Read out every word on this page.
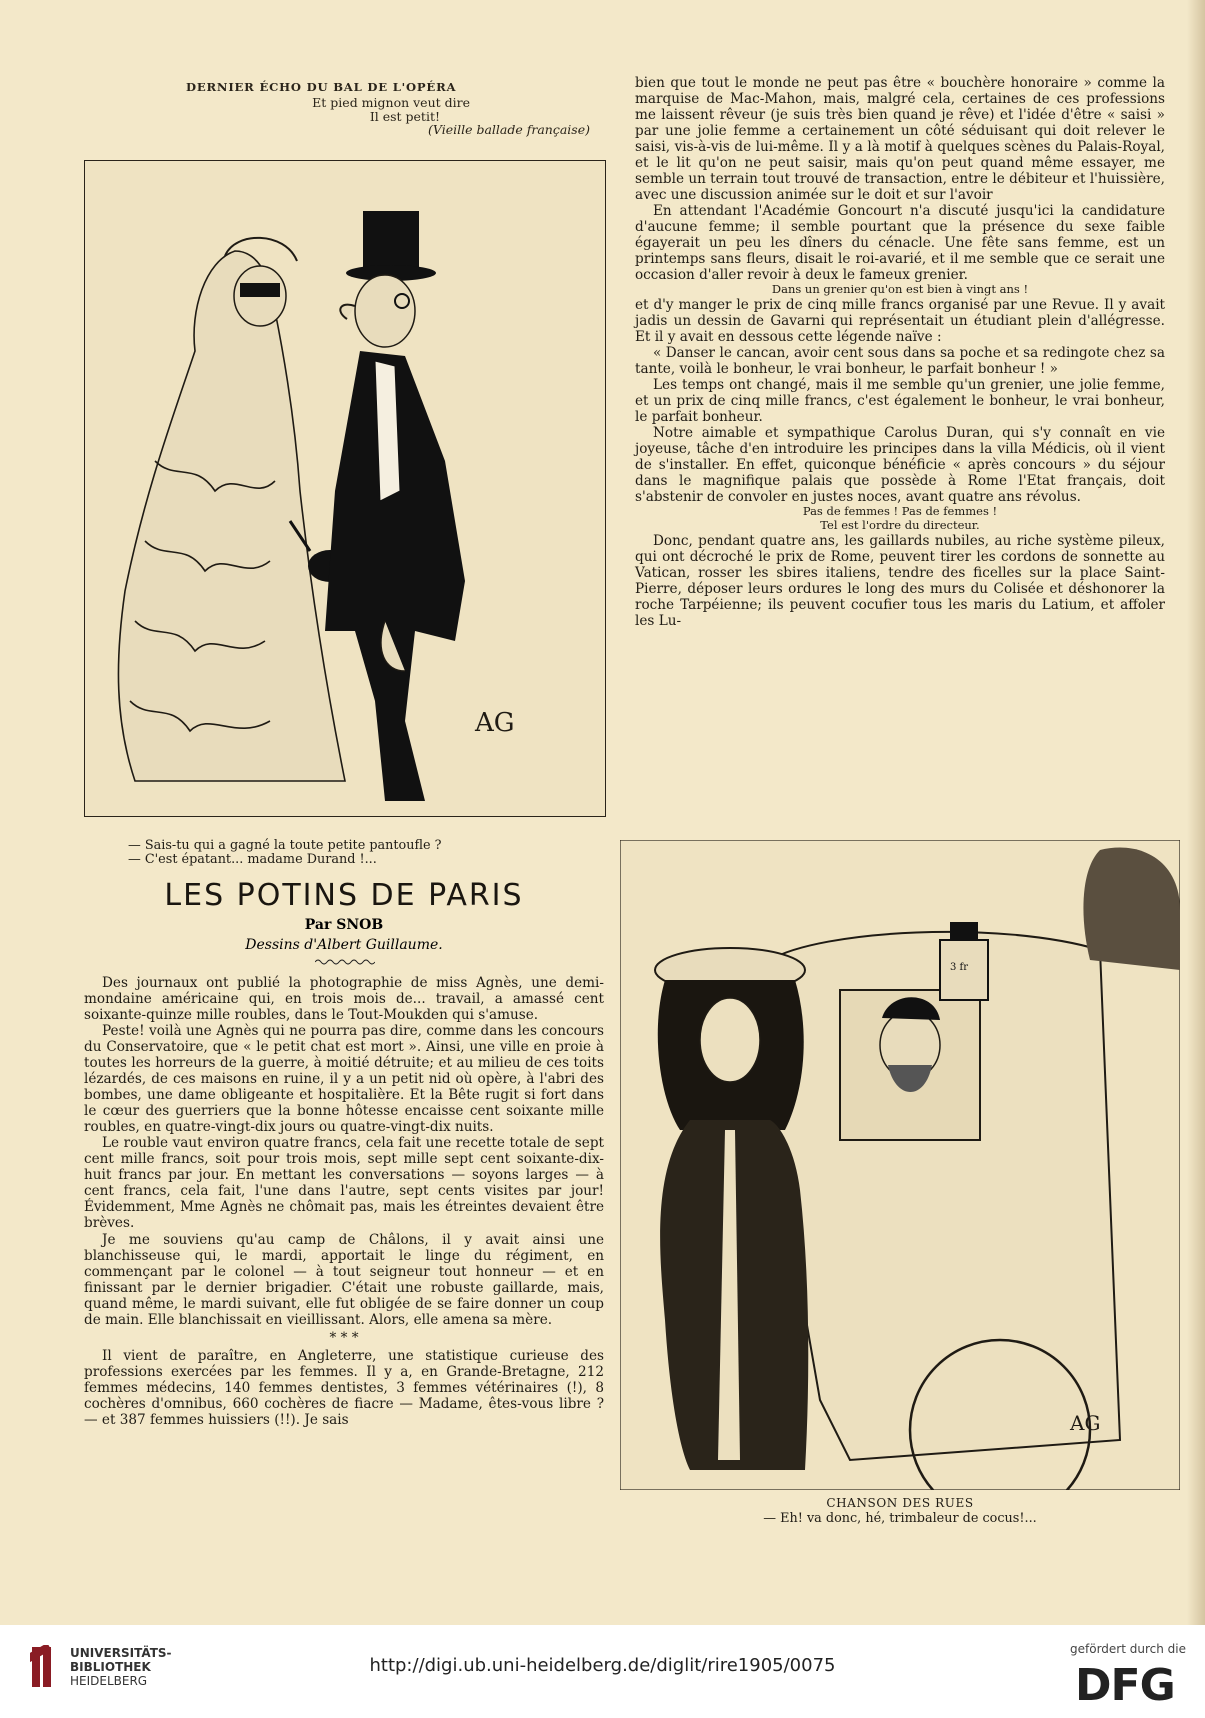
DERNIER ÉCHO DU BAL DE L'OPÉRA
Et pied mignon veut dire
Il est petit!
(Vieille ballade française)
AG
— Sais-tu qui a gagné la toute petite pantoufle ?
— C'est épatant... madame Durand !...
LES POTINS DE PARIS
Par SNOB
Dessins d'Albert Guillaume.

Des journaux ont publié la photographie de miss Agnès, une demi-mondaine américaine qui, en trois mois de... travail, a amassé cent soixante-quinze mille roubles, dans le Tout-Moukden qui s'amuse.

Peste! voilà une Agnès qui ne pourra pas dire, comme dans les concours du Conservatoire, que « le petit chat est mort ». Ainsi, une ville en proie à toutes les horreurs de la guerre, à moitié détruite; et au milieu de ces toits lézardés, de ces maisons en ruine, il y a un petit nid où opère, à l'abri des bombes, une dame obligeante et hospitalière. Et la Bête rugit si fort dans le cœur des guerriers que la bonne hôtesse encaisse cent soixante mille roubles, en quatre-vingt-dix jours ou quatre-vingt-dix nuits.

Le rouble vaut environ quatre francs, cela fait une recette totale de sept cent mille francs, soit pour trois mois, sept mille sept cent soixante-dix-huit francs par jour. En mettant les conversations — soyons larges — à cent francs, cela fait, l'une dans l'autre, sept cents visites par jour! Évidemment, Mme Agnès ne chômait pas, mais les étreintes devaient être brèves.

Je me souviens qu'au camp de Châlons, il y avait ainsi une blanchisseuse qui, le mardi, apportait le linge du régiment, en commençant par le colonel — à tout seigneur tout honneur — et en finissant par le dernier brigadier. C'était une robuste gaillarde, mais, quand même, le mardi suivant, elle fut obligée de se faire donner un coup de main. Elle blanchissait en vieillissant. Alors, elle amena sa mère.

* * *

Il vient de paraître, en Angleterre, une statistique curieuse des professions exercées par les femmes. Il y a, en Grande-Bretagne, 212 femmes médecins, 140 femmes dentistes, 3 femmes vétérinaires (!), 8 cochères d'omnibus, 660 cochères de fiacre — Madame, êtes-vous libre ? — et 387 femmes huissiers (!!). Je sais

bien que tout le monde ne peut pas être « bouchère honoraire » comme la marquise de Mac-Mahon, mais, malgré cela, certaines de ces professions me laissent rêveur (je suis très bien quand je rêve) et l'idée d'être « saisi » par une jolie femme a certainement un côté séduisant qui doit relever le saisi, vis-à-vis de lui-même. Il y a là motif à quelques scènes du Palais-Royal, et le lit qu'on ne peut saisir, mais qu'on peut quand même essayer, me semble un terrain tout trouvé de transaction, entre le débiteur et l'huissière, avec une discussion animée sur le doit et sur l'avoir

En attendant l'Académie Goncourt n'a discuté jusqu'ici la candidature d'aucune femme; il semble pourtant que la présence du sexe faible égayerait un peu les dîners du cénacle. Une fête sans femme, est un printemps sans fleurs, disait le roi-avarié, et il me semble que ce serait une occasion d'aller revoir à deux le fameux grenier.

Dans un grenier qu'on est bien à vingt ans !

et d'y manger le prix de cinq mille francs organisé par une Revue. Il y avait jadis un dessin de Gavarni qui représentait un étudiant plein d'allégresse. Et il y avait en dessous cette légende naïve :

« Danser le cancan, avoir cent sous dans sa poche et sa redingote chez sa tante, voilà le bonheur, le vrai bonheur, le parfait bonheur ! »

Les temps ont changé, mais il me semble qu'un grenier, une jolie femme, et un prix de cinq mille francs, c'est également le bonheur, le vrai bonheur, le parfait bonheur.

Notre aimable et sympathique Carolus Duran, qui s'y connaît en vie joyeuse, tâche d'en introduire les principes dans la villa Médicis, où il vient de s'installer. En effet, quiconque bénéficie « après concours » du séjour dans le magnifique palais que possède à Rome l'Etat français, doit s'abstenir de convoler en justes noces, avant quatre ans révolus.

Pas de femmes ! Pas de femmes !

Tel est l'ordre du directeur.

Donc, pendant quatre ans, les gaillards nubiles, au riche système pileux, qui ont décroché le prix de Rome, peuvent tirer les cordons de sonnette au Vatican, rosser les sbires italiens, tendre des ficelles sur la place Saint-Pierre, déposer leurs ordures le long des murs du Colisée et déshonorer la roche Tarpéienne; ils peuvent cocufier tous les maris du Latium, et affoler les Lu-

3 fr
AG
CHANSON DES RUES
— Eh! va donc, hé, trimbaleur de cocus!...
UNIVERSITÄTS-
BIBLIOTHEK
HEIDELBERG
http://digi.ub.uni-heidelberg.de/diglit/rire1905/0075
gefördert durch die
DFG
